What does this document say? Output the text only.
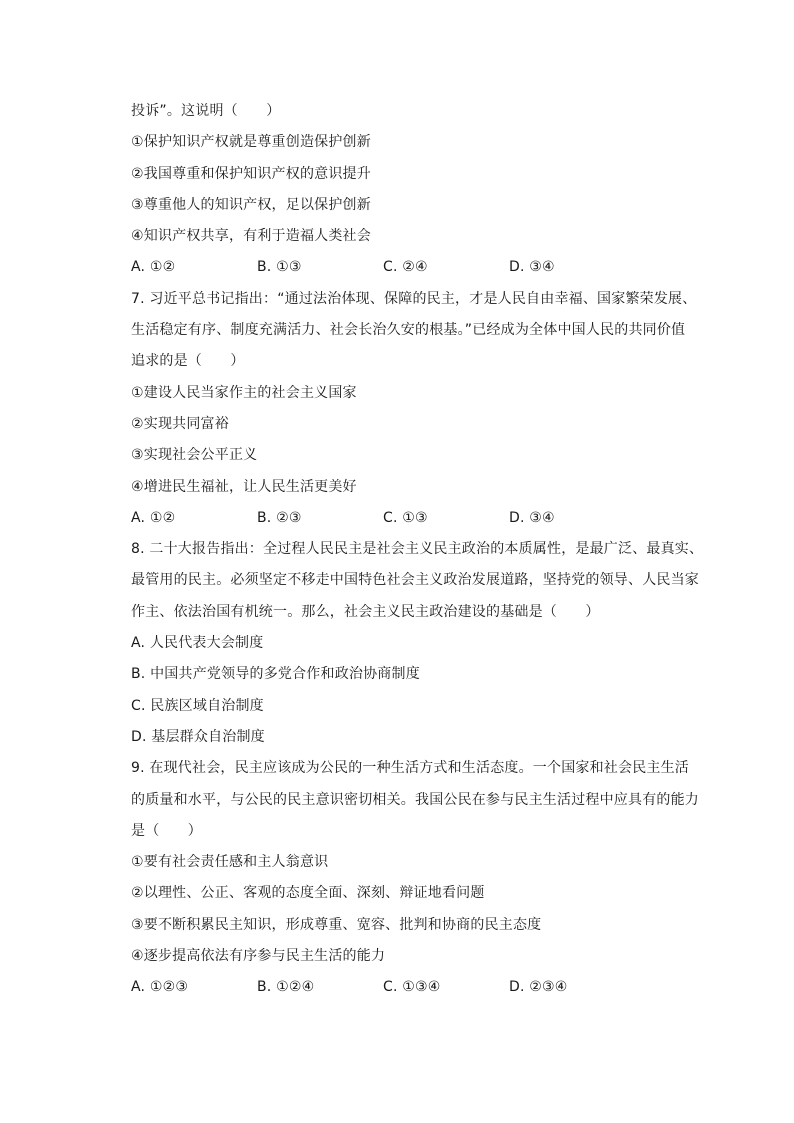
投诉”。这说明（　　）
①保护知识产权就是尊重创造保护创新
②我国尊重和保护知识产权的意识提升
③尊重他人的知识产权，足以保护创新
④知识产权共享，有利于造福人类社会
A. ①②	B. ①③	C. ②④	D. ③④
7. 习近平总书记指出：“通过法治体现、保障的民主，才是人民自由幸福、国家繁荣发展、
生活稳定有序、制度充满活力、社会长治久安的根基。”已经成为全体中国人民的共同价值
追求的是（　　）
①建设人民当家作主的社会主义国家
②实现共同富裕
③实现社会公平正义
④增进民生福祉，让人民生活更美好
A. ①②	B. ②③	C. ①③	D. ③④
8. 二十大报告指出：全过程人民民主是社会主义民主政治的本质属性，是最广泛、最真实、
最管用的民主。必须坚定不移走中国特色社会主义政治发展道路，坚持党的领导、人民当家
作主、依法治国有机统一。那么，社会主义民主政治建设的基础是（　　）
A. 人民代表大会制度
B. 中国共产党领导的多党合作和政治协商制度
C. 民族区域自治制度
D. 基层群众自治制度
9. 在现代社会，民主应该成为公民的一种生活方式和生活态度。一个国家和社会民主生活
的质量和水平，与公民的民主意识密切相关。我国公民在参与民主生活过程中应具有的能力
是（　　）
①要有社会责任感和主人翁意识
②以理性、公正、客观的态度全面、深刻、辩证地看问题
③要不断积累民主知识，形成尊重、宽容、批判和协商的民主态度
④逐步提高依法有序参与民主生活的能力
A. ①②③	B. ①②④	C. ①③④	D. ②③④
